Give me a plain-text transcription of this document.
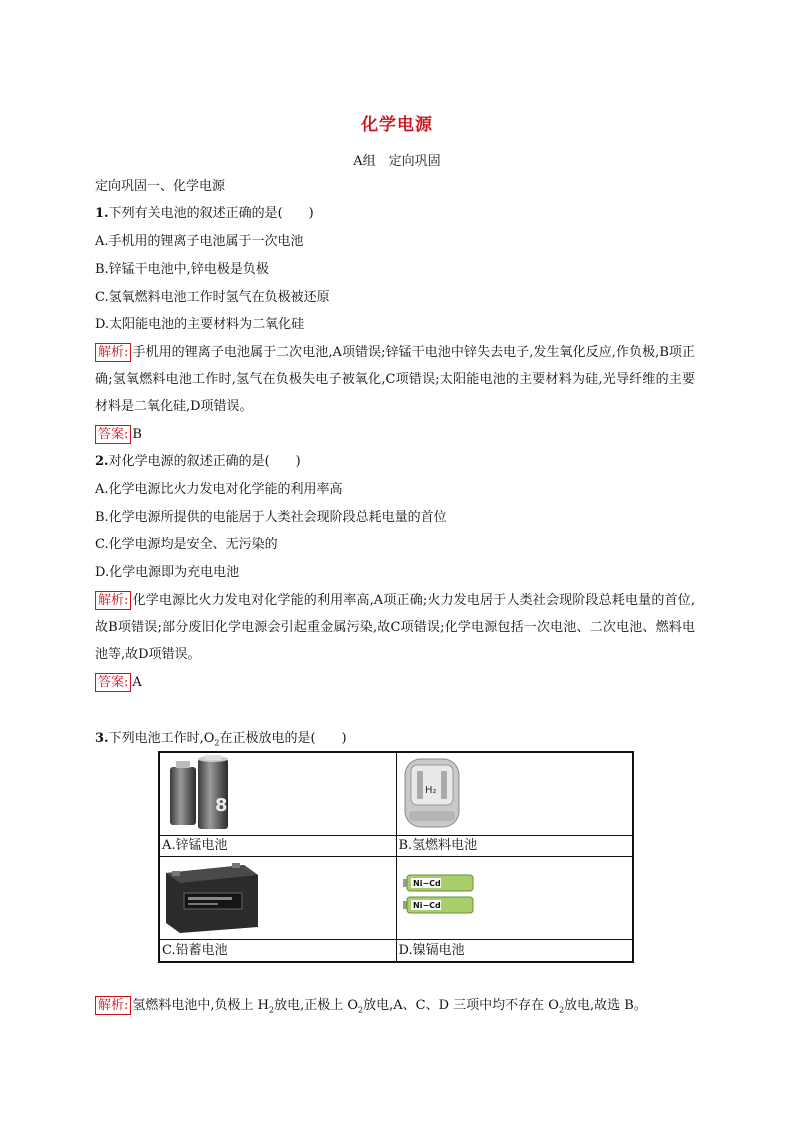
化学电源
A组　定向巩固
定向巩固一、化学电源
1.下列有关电池的叙述正确的是(　　)
A.手机用的锂离子电池属于一次电池
B.锌锰干电池中,锌电极是负极
C.氢氧燃料电池工作时氢气在负极被还原
D.太阳能电池的主要材料为二氧化硅
解析: 手机用的锂离子电池属于二次电池,A项错误;锌锰干电池中锌失去电子,发生氧化反应,作负极,B项正确;氢氧燃料电池工作时,氢气在负极失电子被氧化,C项错误;太阳能电池的主要材料为硅,光导纤维的主要材料是二氧化硅,D项错误。
答案: B
2.对化学电源的叙述正确的是(　　)
A.化学电源比火力发电对化学能的利用率高
B.化学电源所提供的电能居于人类社会现阶段总耗电量的首位
C.化学电源均是安全、无污染的
D.化学电源即为充电电池
解析: 化学电源比火力发电对化学能的利用率高,A项正确;火力发电居于人类社会现阶段总耗电量的首位,故B项错误;部分废旧化学电源会引起重金属污染,故C项错误;化学电源包括一次电池、二次电池、燃料电池等,故D项错误。
答案: A
3.下列电池工作时$,O_2$在正极放电的是(　　)
8	H₂

A.锌锰电池	B.氢燃料电池

Ni−Cd
Ni−Cd

C.铅蓄电池	D.镍镉电池
解析: 氢燃料电池中,负极上 $H_2$放电,正极上 $O_2$放电,A、C、D 三项中均不存在 $O_2$放电,故选 B。
